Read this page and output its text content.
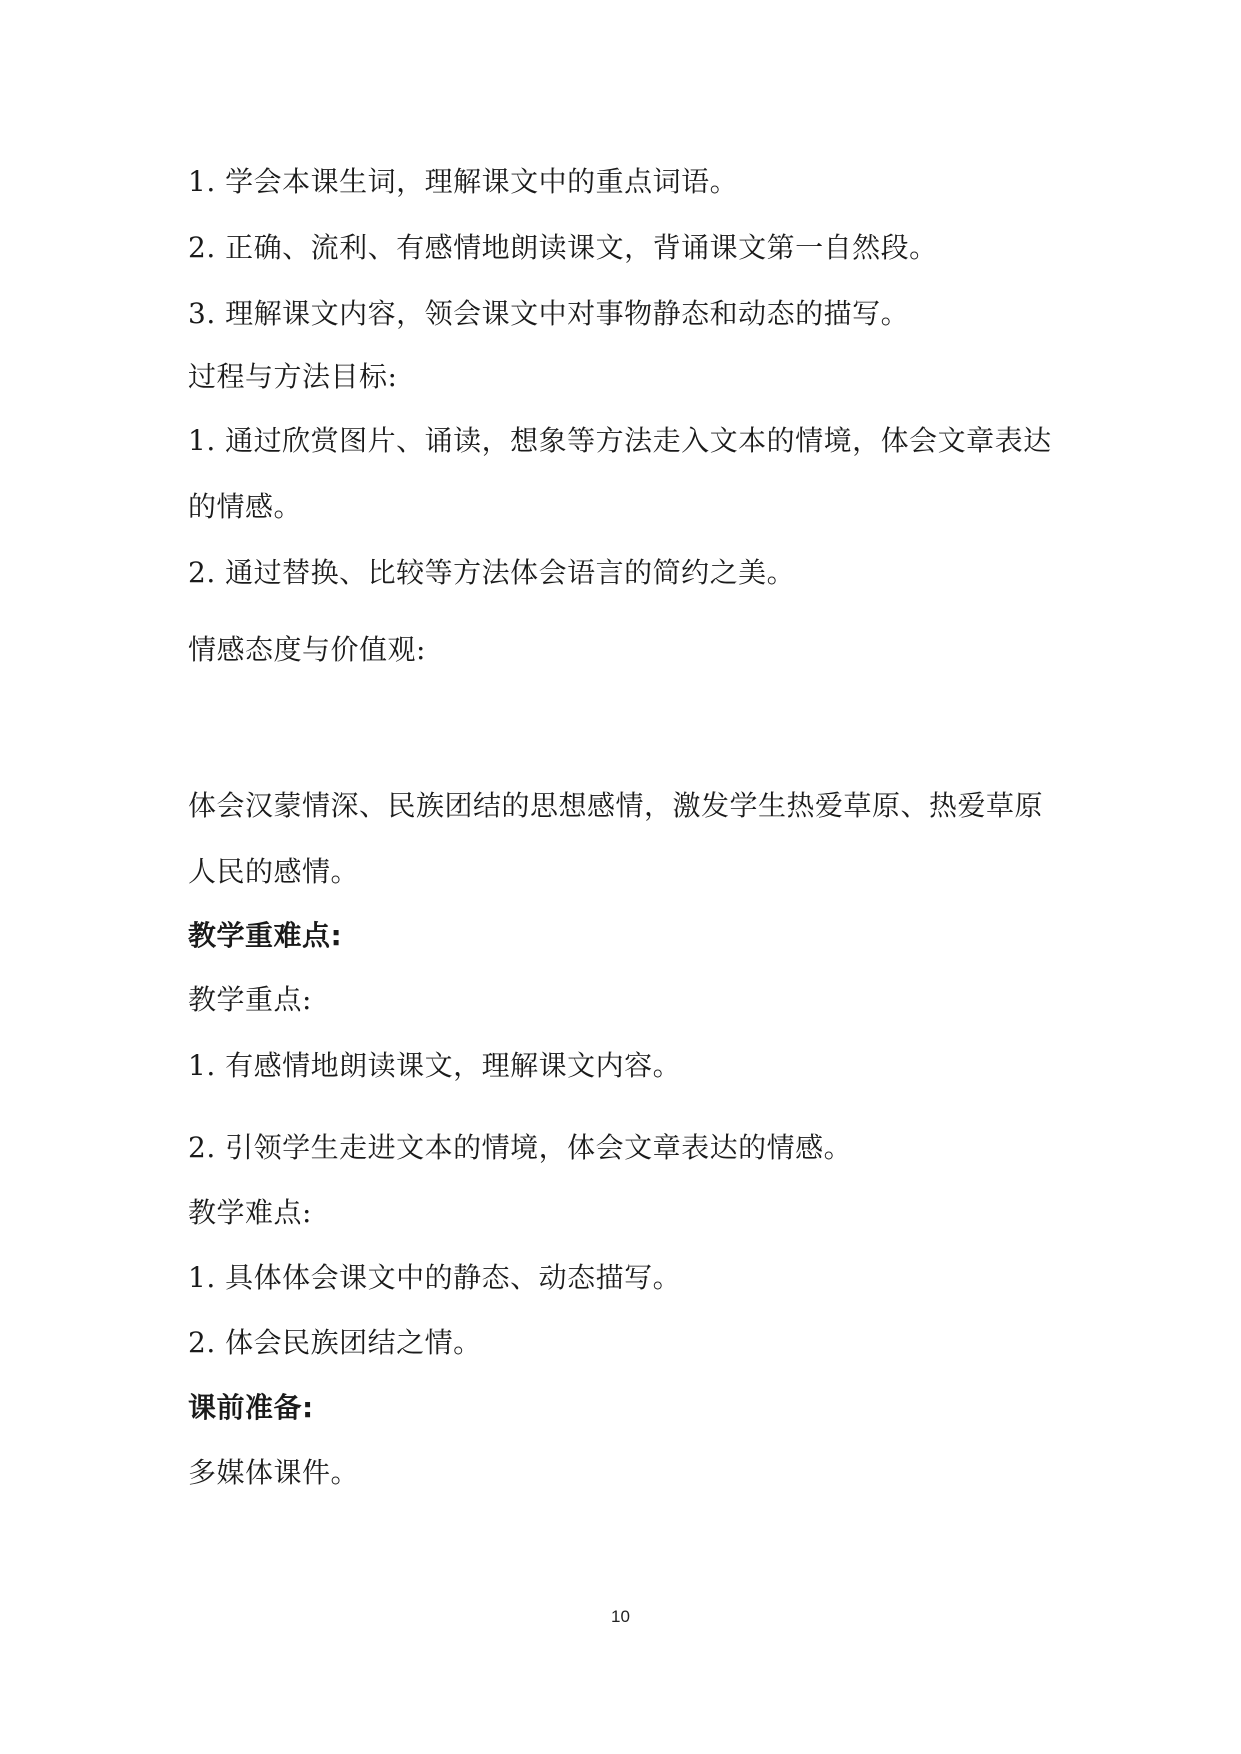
1. 学会本课生词，理解课文中的重点词语。
2. 正确、流利、有感情地朗读课文，背诵课文第一自然段。
3. 理解课文内容，领会课文中对事物静态和动态的描写。
过程与方法目标:
1. 通过欣赏图片、诵读，想象等方法走入文本的情境，体会文章表达
的情感。
2. 通过替换、比较等方法体会语言的简约之美。
情感态度与价值观:
体会汉蒙情深、民族团结的思想感情，激发学生热爱草原、热爱草原
人民的感情。
教学重难点:
教学重点:
1. 有感情地朗读课文，理解课文内容。
2. 引领学生走进文本的情境，体会文章表达的情感。
教学难点:
1. 具体体会课文中的静态、动态描写。
2. 体会民族团结之情。
课前准备:
多媒体课件。
10
